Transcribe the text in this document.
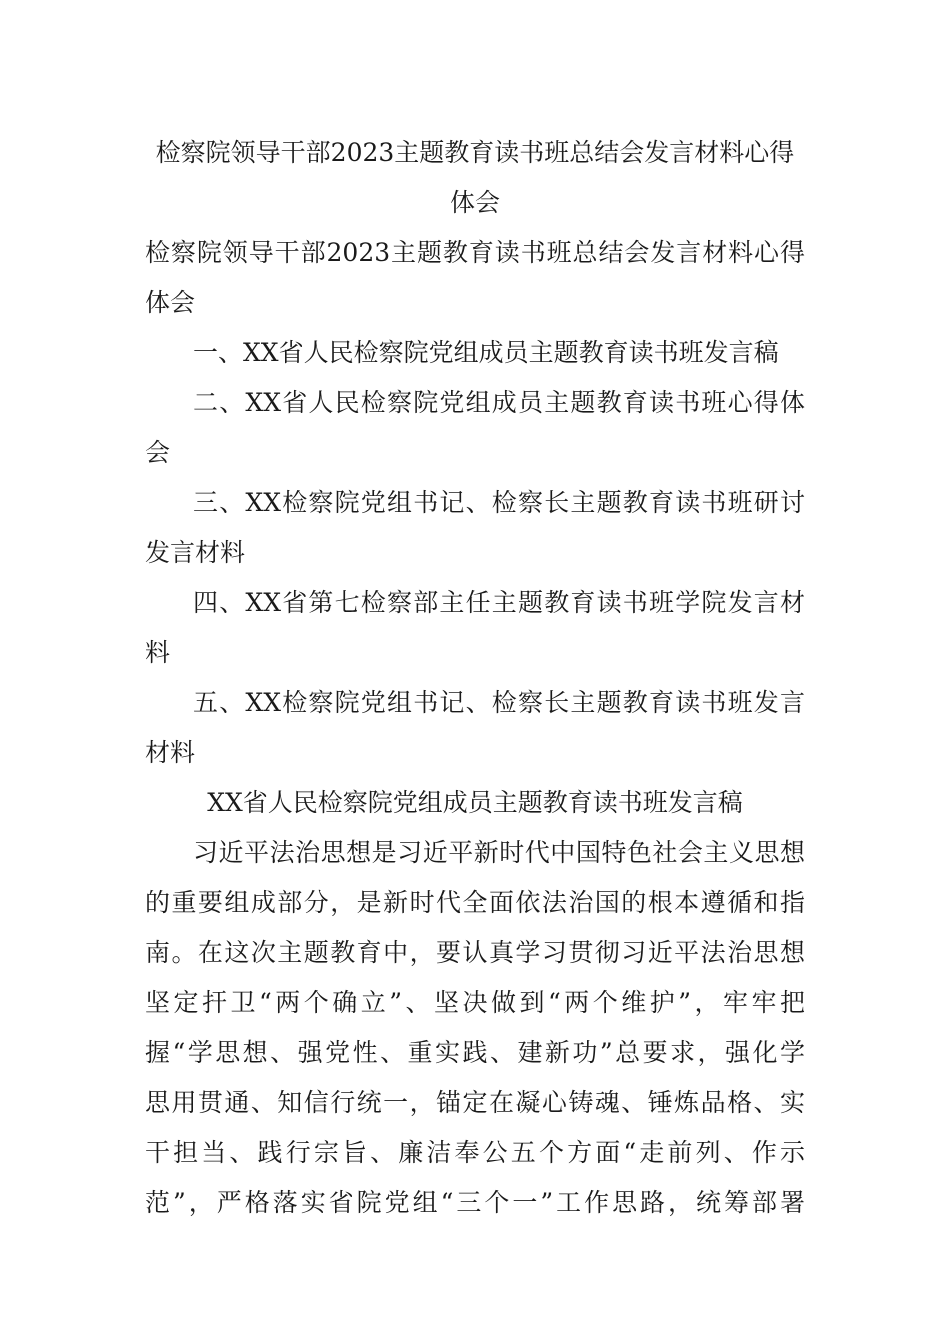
检察院领导干部2023主题教育读书班总结会发言材料心得
体会
检察院领导干部2023主题教育读书班总结会发言材料心得
体会
一、XX省人民检察院党组成员主题教育读书班发言稿
二、XX省人民检察院党组成员主题教育读书班心得体
会
三、XX检察院党组书记、检察长主题教育读书班研讨
发言材料
四、XX省第七检察部主任主题教育读书班学院发言材
料
五、XX检察院党组书记、检察长主题教育读书班发言
材料
XX省人民检察院党组成员主题教育读书班发言稿
习近平法治思想是习近平新时代中国特色社会主义思想
的重要组成部分，是新时代全面依法治国的根本遵循和指
南。在这次主题教育中，要认真学习贯彻习近平法治思想
坚定扞卫“两个确立”、坚决做到“两个维护”，牢牢把
握“学思想、强党性、重实践、建新功”总要求，强化学
思用贯通、知信行统一，锚定在凝心铸魂、锤炼品格、实
干担当、践行宗旨、廉洁奉公五个方面“走前列、作示
范”，严格落实省院党组“三个一”工作思路，统筹部署
